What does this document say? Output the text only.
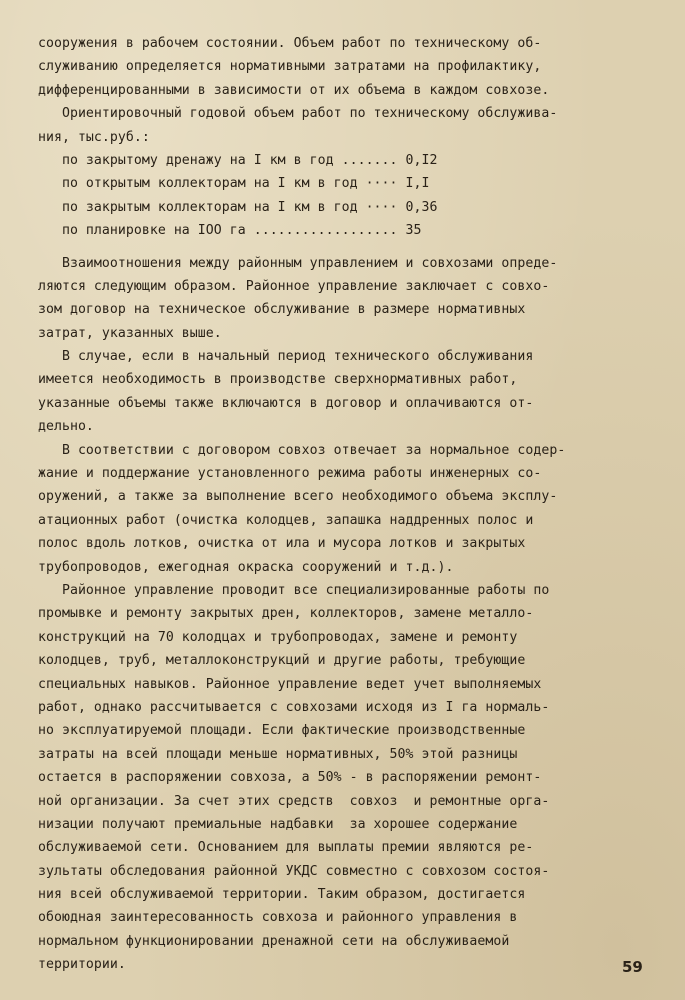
сооружения в рабочем состоянии. Объем работ по техническому об-
служиванию определяется нормативными затратами на профилактику,
дифференцированными в зависимости от их объема в каждом совхозе.
Ориентировочный годовой объем работ по техническому обслужива-
ния, тыс.руб.:
по закрытому дренажу на I км в год ....... 0,I2
по открытым коллекторам на I км в год ···· I,I
по закрытым коллекторам на I км в год ···· 0,36
по планировке на IOO га .................. 35
Взаимоотношения между районным управлением и совхозами опреде-
ляются следующим образом. Районное управление заключает с совхо-
зом договор на техническое обслуживание в размере нормативных
затрат, указанных выше.
В случае, если в начальный период технического обслуживания
имеется необходимость в производстве сверхнормативных работ,
указанные объемы также включаются в договор и оплачиваются от-
дельно.
В соответствии с договором совхоз отвечает за нормальное содер-
жание и поддержание установленного режима работы инженерных со-
оружений, а также за выполнение всего необходимого объема эксплу-
атационных работ (очистка колодцев, запашка наддренных полос и
полос вдоль лотков, очистка от ила и мусора лотков и закрытых
трубопроводов, ежегодная окраска сооружений и т.д.).
Районное управление проводит все специализированные работы по
промывке и ремонту закрытых дрен, коллекторов, замене металло-
конструкций на 70 колодцах и трубопроводах, замене и ремонту
колодцев, труб, металлоконструкций и другие работы, требующие
специальных навыков. Районное управление ведет учет выполняемых
работ, однако рассчитывается с совхозами исходя из I га нормаль-
но эксплуатируемой площади. Если фактические производственные
затраты на всей площади меньше нормативных, 50% этой разницы
остается в распоряжении совхоза, а 50% - в распоряжении ремонт-
ной организации. За счет этих средств  совхоз  и ремонтные орга-
низации получают премиальные надбавки  за хорошее содержание
обслуживаемой сети. Основанием для выплаты премии являются ре-
зультаты обследования районной УКДС совместно с совхозом состоя-
ния всей обслуживаемой территории. Таким образом, достигается
обоюдная заинтересованность совхоза и районного управления в
нормальном функционировании дренажной сети на обслуживаемой
территории.	59
